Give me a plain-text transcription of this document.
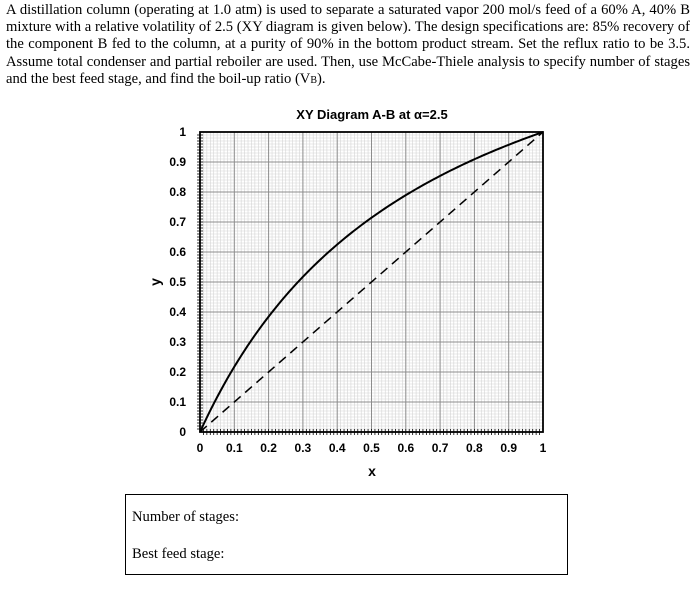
A distillation column (operating at 1.0 atm) is used to separate a saturated vapor 200 mol/s feed of a 60% A, 40% B mixture with a relative volatility of 2.5 (XY diagram is given below). The design specifications are: 85% recovery of the component B fed to the column, at a purity of 90% in the bottom product stream. Set the reflux ratio to be 3.5. Assume total condenser and partial reboiler are used. Then, use McCabe-Thiele analysis to specify number of stages and the best feed stage, and find the boil-up ratio (VB).
XY Diagram A-B at α=2.5
0 0.1 0.2 0.3 0.4 0.5 0.6 0.7 0.8 0.9 1
0
0.1
0.2
0.3
0.4
0.5
0.6
0.7
0.8
0.9
1
x
y
Number of stages:
Best feed stage:
